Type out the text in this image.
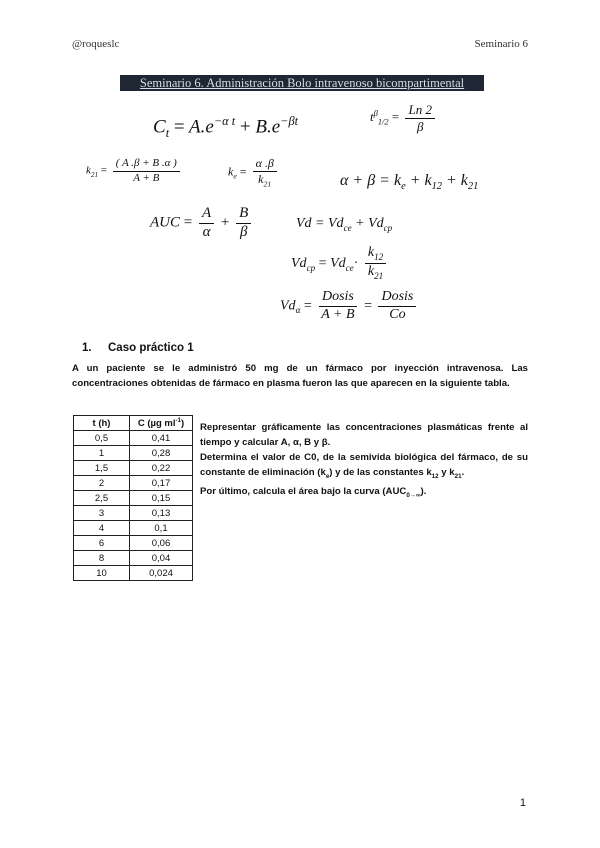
@roqueslc	Seminario 6
Seminario 6. Administración Bolo intravenoso bicompartimental
$C_t = A.e^{-\alpha t} + B.e^{-\beta t}$	$t^\beta_{1/2} = \frac{Ln 2}{\beta}$
$k_{21} = \frac{( A .\beta + B .\alpha )}{A + B}$	$k_e = \frac{\alpha .\beta}{k_{21}}$	$\alpha + \beta = k_e + k_{12} + k_{21}$
AUC = $\frac{A}{\alpha} + \frac{B}{\beta}$	$Vd = Vd_{ce} + Vd_{cp}$
$Vd_{cp} = Vd_{ce}\cdot \frac{k_{12}}{k_{21}}$
$Vd_\alpha = \frac{\text{Dosis}}{A + B} = \frac{\text{Dosis}}{Co}$
1. Caso práctico 1
A un paciente se le administró 50 mg de un fármaco por inyección intravenosa. Las concentraciones obtenidas de fármaco en plasma fueron las que aparecen en la siguiente tabla.
t (h)	C (µg $ml^{-1}$)
0,5	0,41
1	0,28
1,5	0,22
2	0,17
2,5	0,15
3	0,13
4	0,1
6	0,06
8	0,04
10	0,024

Representar gráficamente las concentraciones plasmáticas frente al tiempo y calcular A, α, B y β.

Determina el valor de C0, de la semivida biológica del fármaco, de su constante de eliminación $(k_e)$ y de las constantes $k_{12}$ y $k_{21}$.

Por último, calcula el área bajo la curva $(AUC_{0\to\infty})$.

1
